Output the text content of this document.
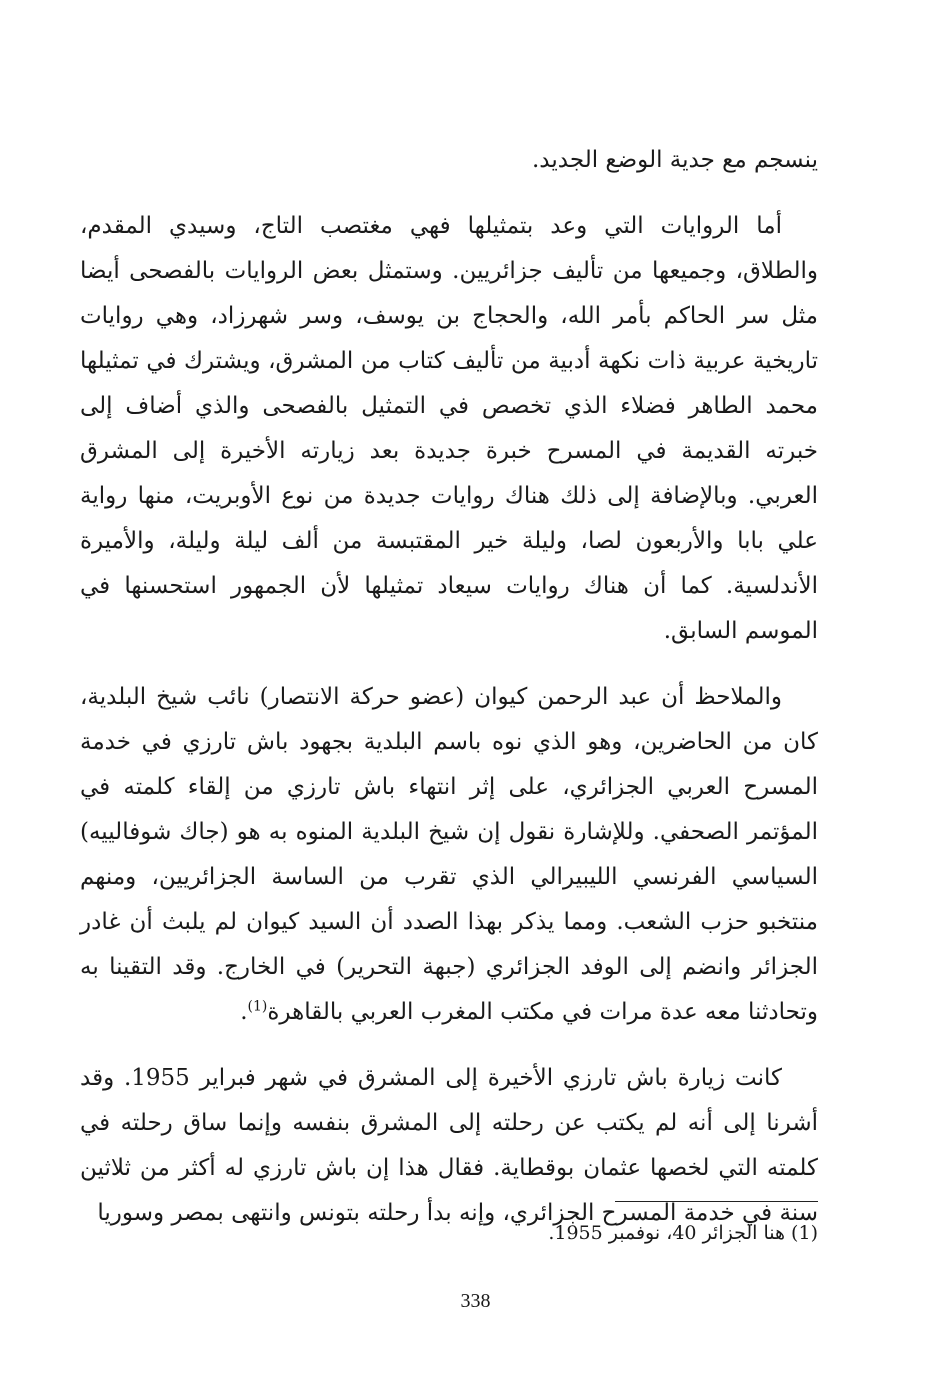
ينسجم مع جدية الوضع الجديد.

أما الروايات التي وعد بتمثيلها فهي مغتصب التاج، وسيدي المقدم، والطلاق، وجميعها من تأليف جزائريين. وستمثل بعض الروايات بالفصحى أيضا مثل سر الحاكم بأمر الله، والحجاج بن يوسف، وسر شهرزاد، وهي روايات تاريخية عربية ذات نكهة أدبية من تأليف كتاب من المشرق، ويشترك في تمثيلها محمد الطاهر فضلاء الذي تخصص في التمثيل بالفصحى والذي أضاف إلى خبرته القديمة في المسرح خبرة جديدة بعد زيارته الأخيرة إلى المشرق العربي. وبالإضافة إلى ذلك هناك روايات جديدة من نوع الأوبريت، منها رواية علي بابا والأربعون لصا، وليلة خير المقتبسة من ألف ليلة وليلة، والأميرة الأندلسية. كما أن هناك روايات سيعاد تمثيلها لأن الجمهور استحسنها في الموسم السابق.

والملاحظ أن عبد الرحمن كيوان (عضو حركة الانتصار) نائب شيخ البلدية، كان من الحاضرين، وهو الذي نوه باسم البلدية بجهود باش تارزي في خدمة المسرح العربي الجزائري، على إثر انتهاء باش تارزي من إلقاء كلمته في المؤتمر الصحفي. وللإشارة نقول إن شيخ البلدية المنوه به هو (جاك شوفالييه) السياسي الفرنسي الليبيرالي الذي تقرب من الساسة الجزائريين، ومنهم منتخبو حزب الشعب. ومما يذكر بهذا الصدد أن السيد كيوان لم يلبث أن غادر الجزائر وانضم إلى الوفد الجزائري (جبهة التحرير) في الخارج. وقد التقينا به وتحادثنا معه عدة مرات في مكتب المغرب العربي بالقاهرة$^{(1)}$.

كانت زيارة باش تارزي الأخيرة إلى المشرق في شهر فبراير 1955. وقد أشرنا إلى أنه لم يكتب عن رحلته إلى المشرق بنفسه وإنما ساق رحلته في كلمته التي لخصها عثمان بوقطاية. فقال هذا إن باش تارزي له أكثر من ثلاثين سنة في خدمة المسرح الجزائري، وإنه بدأ رحلته بتونس وانتهى بمصر وسوريا

(1) هنا الجزائر 40، نوفمبر 1955.
338
